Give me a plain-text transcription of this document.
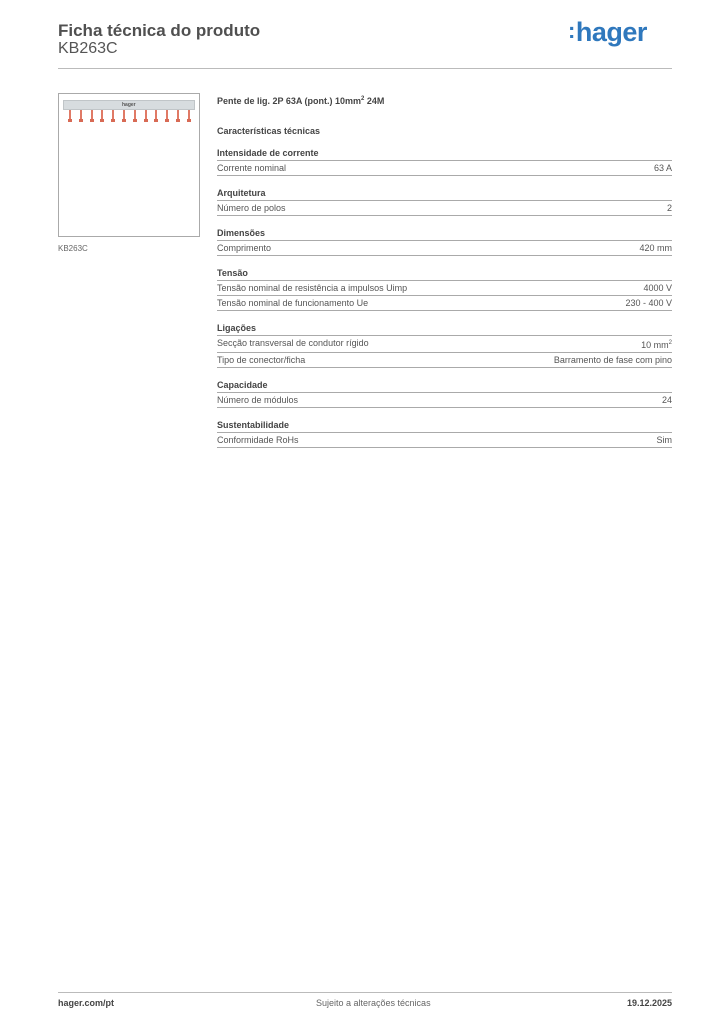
Ficha técnica do produto
KB263C
:hager
hager
KB263C
Pente de lig. 2P 63A (pont.) $10mm^2$ 24M
Características técnicas
Intensidade de corrente
Corrente nominal	63 A
Arquitetura
Número de polos	2
Dimensões
Comprimento	420 mm
Tensão
Tensão nominal de resistência a impulsos Uimp	4000 V
Tensão nominal de funcionamento Ue	230 - 400 V
Ligações
Secção transversal de condutor rígido	10 $mm^2$
Tipo de conector/ficha	Barramento de fase com pino
Capacidade
Número de módulos	24
Sustentabilidade
Conformidade RoHs	Sim
hager.com/pt	Sujeito a alterações técnicas	19.12.2025
